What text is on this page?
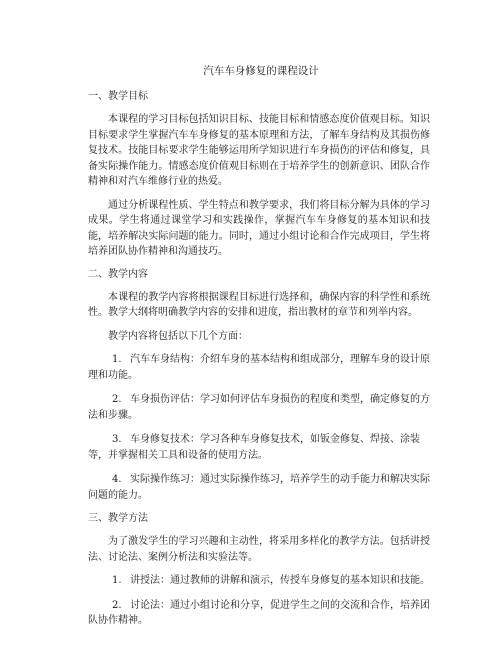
汽车车身修复的课程设计
一、教学目标

本课程的学习目标包括知识目标、技能目标和情感态度价值观目标。知识目标要求学生掌握汽车车身修复的基本原理和方法，了解车身结构及其损伤修复技术。技能目标要求学生能够运用所学知识进行车身损伤的评估和修复，具备实际操作能力。情感态度价值观目标则在于培养学生的创新意识、团队合作精神和对汽车维修行业的热爱。

通过分析课程性质、学生特点和教学要求，我们将目标分解为具体的学习成果。学生将通过课堂学习和实践操作，掌握汽车车身修复的基本知识和技能，培养解决实际问题的能力。同时，通过小组讨论和合作完成项目，学生将培养团队协作精神和沟通技巧。

二、教学内容

本课程的教学内容将根据课程目标进行选择和，确保内容的科学性和系统性。教学大纲将明确教学内容的安排和进度，指出教材的章节和列举内容。

教学内容将包括以下几个方面：

1. 汽车车身结构：介绍车身的基本结构和组成部分，理解车身的设计原理和功能。
2. 车身损伤评估：学习如何评估车身损伤的程度和类型，确定修复的方法和步骤。
3. 车身修复技术：学习各种车身修复技术，如钣金修复、焊接、涂装等，并掌握相关工具和设备的使用方法。
4. 实际操作练习：通过实际操作练习，培养学生的动手能力和解决实际问题的能力。
三、教学方法

为了激发学生的学习兴趣和主动性，将采用多样化的教学方法。包括讲授法、讨论法、案例分析法和实验法等。

1. 讲授法：通过教师的讲解和演示，传授车身修复的基本知识和技能。
2. 讨论法：通过小组讨论和分享，促进学生之间的交流和合作，培养团队协作精神。
